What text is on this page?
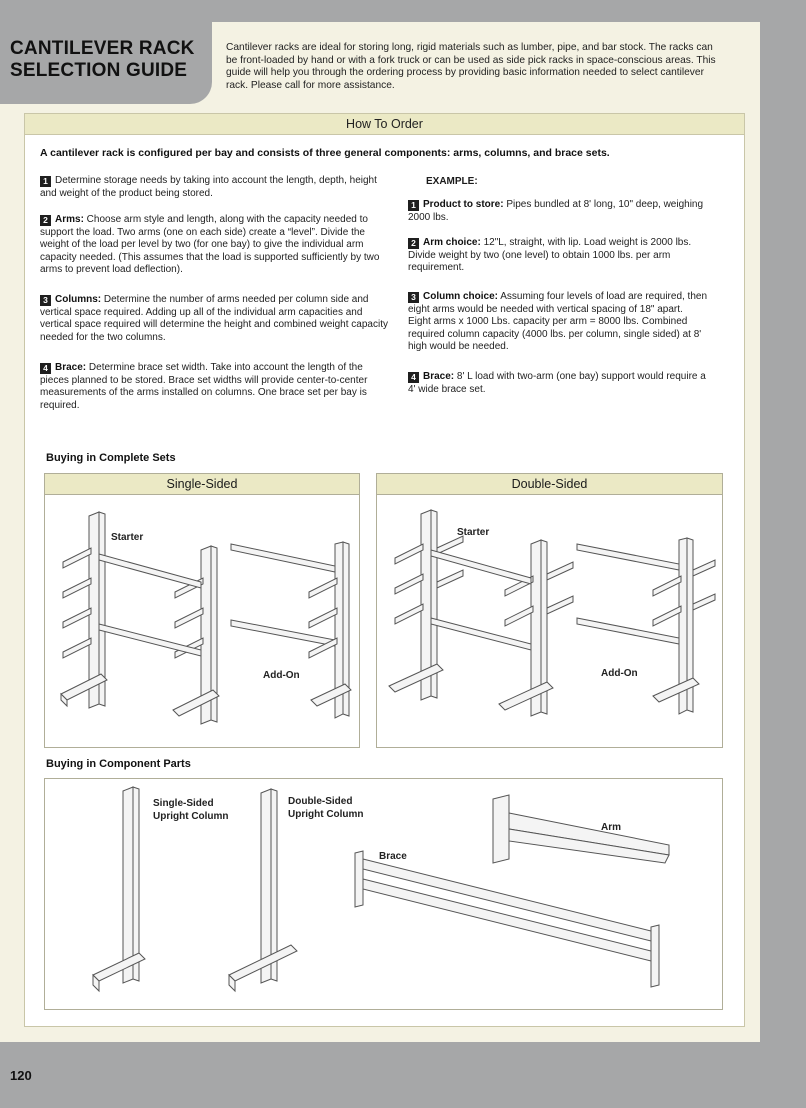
CANTILEVER RACK
SELECTION GUIDE
Cantilever racks are ideal for storing long, rigid materials such as lumber, pipe, and bar stock. The racks can be front-loaded by hand or with a fork truck or can be used as side pick racks in space-conscious areas. This guide will help you through the ordering process by providing basic information needed to select cantilever rack. Please call for more assistance.
How To Order
A cantilever rack is configured per bay and consists of three general components: arms, columns, and brace sets.
1 Determine storage needs by taking into account the length, depth, height and weight of the product being stored.
2 Arms: Choose arm style and length, along with the capacity needed to support the load. Two arms (one on each side) create a “level”. Divide the weight of the load per level by two (for one bay) to give the individual arm capacity needed. (This assumes that the load is supported sufficiently by two arms to prevent load deflection).
3 Columns: Determine the number of arms needed per column side and vertical space required. Adding up all of the individual arm capacities and vertical space required will determine the height and combined weight capacity needed for the two columns.
4 Brace: Determine brace set width. Take into account the length of the pieces planned to be stored. Brace set widths will provide center-to-center measurements of the arms installed on columns. One brace set per bay is required.
EXAMPLE:
1 Product to store: Pipes bundled at 8' long, 10" deep, weighing 2000 lbs.
2 Arm choice: 12"L, straight, with lip. Load weight is 2000 lbs. Divide weight by two (one level) to obtain 1000 lbs. per arm requirement.
3 Column choice: Assuming four levels of load are required, then eight arms would be needed with vertical spacing of 18" apart. Eight arms x 1000 Lbs. capacity per arm = 8000 lbs. Combined required column capacity (4000 lbs. per column, single sided) at 8' high would be needed.
4 Brace: 8' L load with two-arm (one bay) support would require a 4' wide brace set.
Buying in Complete Sets
Single-Sided
Starter
Add-On
Double-Sided
Starter
Add-On
Buying in Component Parts
Single-Sided
Upright Column
Double-Sided
Upright Column
Arm
Brace
120
